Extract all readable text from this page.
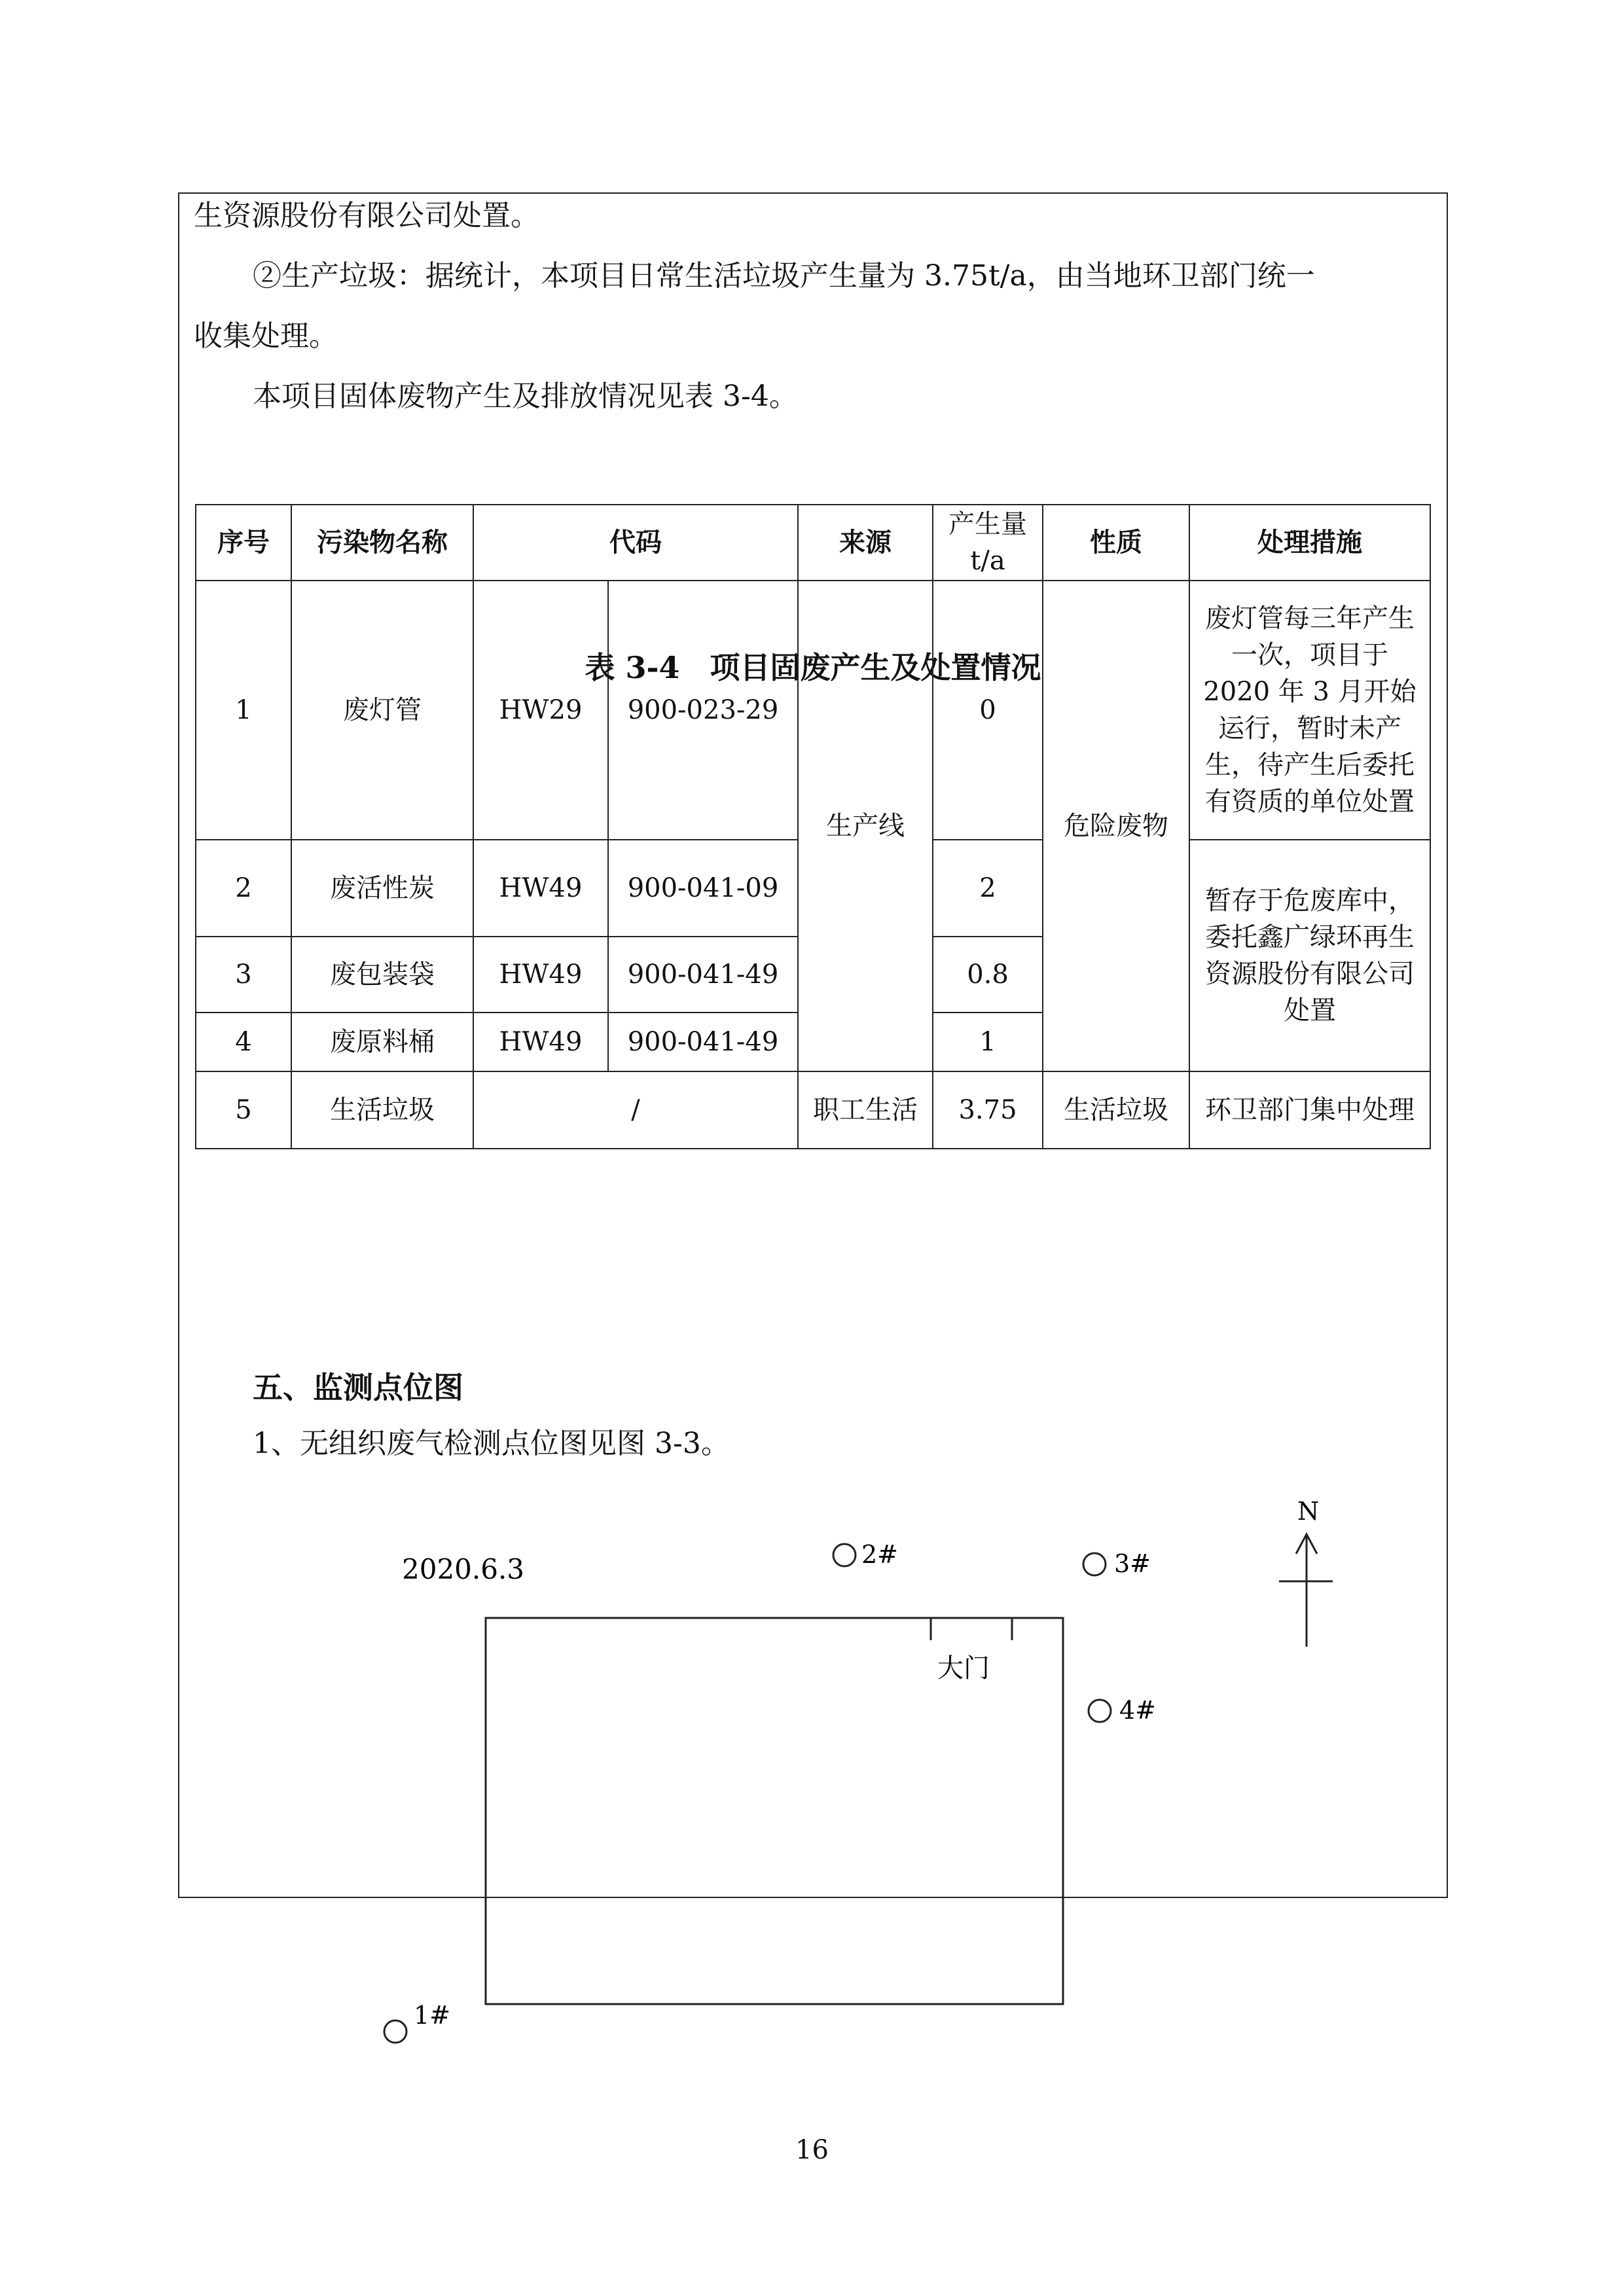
生资源股份有限公司处置。
②生产垃圾：据统计，本项目日常生活垃圾产生量为 3.75t/a，由当地环卫部门统一
收集处理。
本项目固体废物产生及排放情况见表 3-4。
表 3-4　项目固废产生及处置情况
序号	污染物名称	代码		来源	产生量 t/a	性质	处理措施
1	废灯管	HW29	900-023-29	生产线	0	危险废物	废灯管每三年产生一次，项目于 2020 年 3 月开始运行，暂时未产生，待产生后委托有资质的单位处置
2	废活性炭	HW49	900-041-09		2		暂存于危废库中，委托鑫广绿环再生资源股份有限公司处置
3	废包装袋	HW49	900-041-49		0.8		
4	废原料桶	HW49	900-041-49		1		
5	生活垃圾	/		职工生活	3.75	生活垃圾	环卫部门集中处理
五、监测点位图
1、无组织废气检测点位图见图 3-3。
2020.6.3
大门
N
2#	3#
4#
1#
16
